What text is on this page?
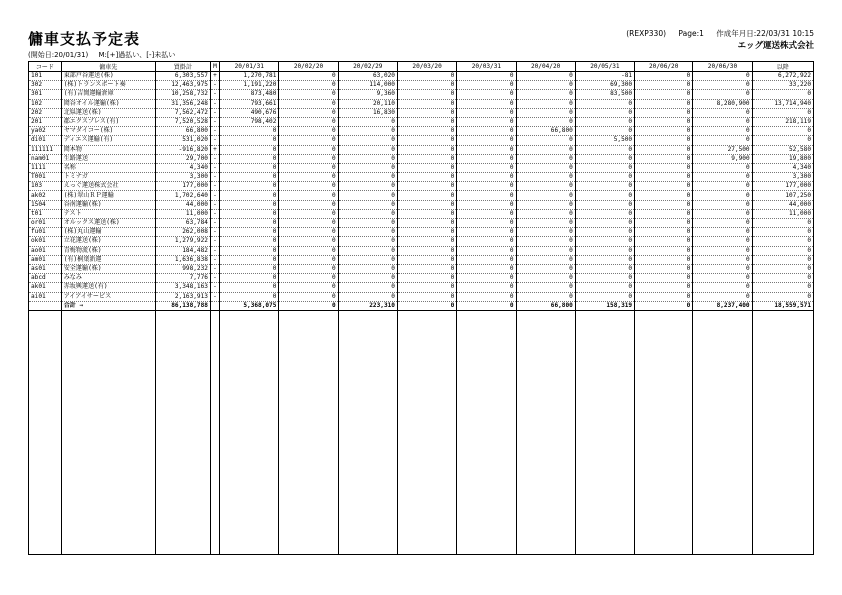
傭車支払予定表	(REXP330) Page:1 作成年月日:22/03/31 10:15
エッグ運送株式会社
(開始日:20/01/31) M:[+]過払い、[-]未払い
コード	傭車先	買掛計	M	20/01/31	20/02/20	20/02/29	20/03/20	20/03/31	20/04/20	20/05/31	20/06/20	20/06/30	以降
101	東部戸谷運送(株)	6,303,557	+	1,270,781	0	63,020	0	0	0	-81	0	0	6,272,922
302	(株)トランスポート奏	12,463,975	-	1,191,220	0	114,000	0	0	0	69,300	0	0	33,220
301	(有)吉岡運輸倉庫	10,258,732	-	873,480	0	9,360	0	0	0	83,500	0	0	0
102	岡谷オイル運輸(株)	31,356,248	-	793,661	0	20,110	0	0	0	0	0	8,280,900	13,714,940
202	北県運送(株)	7,562,472	-	490,676	0	16,830	0	0	0	0	0	0	0
201	郡エクスプレス(有)	7,520,528	-	798,402	0	0	0	0	0	0	0	0	218,119
ya02	ヤマダイコー(株)	66,800	-	0	0	0	0	0	66,800	0	0	0	0
di01	ディエス運輸(有)	531,020	-	0	0	0	0	0	0	5,500	0	0	0
111111	岡本物	-916,820	+	0	0	0	0	0	0	0	0	27,500	52,580
nam01	生路運送	29,700	-	0	0	0	0	0	0	0	0	9,900	19,800
1111	名称	4,340	-	0	0	0	0	0	0	0	0	0	4,340
T001	トミナガ	3,300	-	0	0	0	0	0	0	0	0	0	3,300
103	えっぐ運送株式会社	177,000	-	0	0	0	0	0	0	0	0	0	177,000
ak02	(株)翠山ＲＰ運輸	1,702,640	-	0	0	0	0	0	0	0	0	0	107,250
1504	谷南運輸(株)	44,000	-	0	0	0	0	0	0	0	0	0	44,000
t01	テスト	11,000	-	0	0	0	0	0	0	0	0	0	11,000
or01	オルックス運送(株)	63,784	-	0	0	0	0	0	0	0	0	0	0
fu01	(株)丸山運輸	262,008	-	0	0	0	0	0	0	0	0	0	0
ok01	立花運送(株)	1,279,922	-	0	0	0	0	0	0	0	0	0	0
ao01	青梅物流(株)	184,482	-	0	0	0	0	0	0	0	0	0	0
am01	(有)桐葉新運	1,636,838	-	0	0	0	0	0	0	0	0	0	0
as01	安全運輸(株)	998,232	-	0	0	0	0	0	0	0	0	0	0
abcd	みなみ	7,776	-	0	0	0	0	0	0	0	0	0	0
ak01	赤坂興運送(有)	3,348,163	-	0	0	0	0	0	0	0	0	0	0
ai01	アイアイサービス	2,163,913	-	0	0	0	0	0	0	0	0	0	0
	合計 ⇒	86,138,788		5,368,075	0	223,310	0	0	66,800	158,319	0	8,237,400	18,559,571
